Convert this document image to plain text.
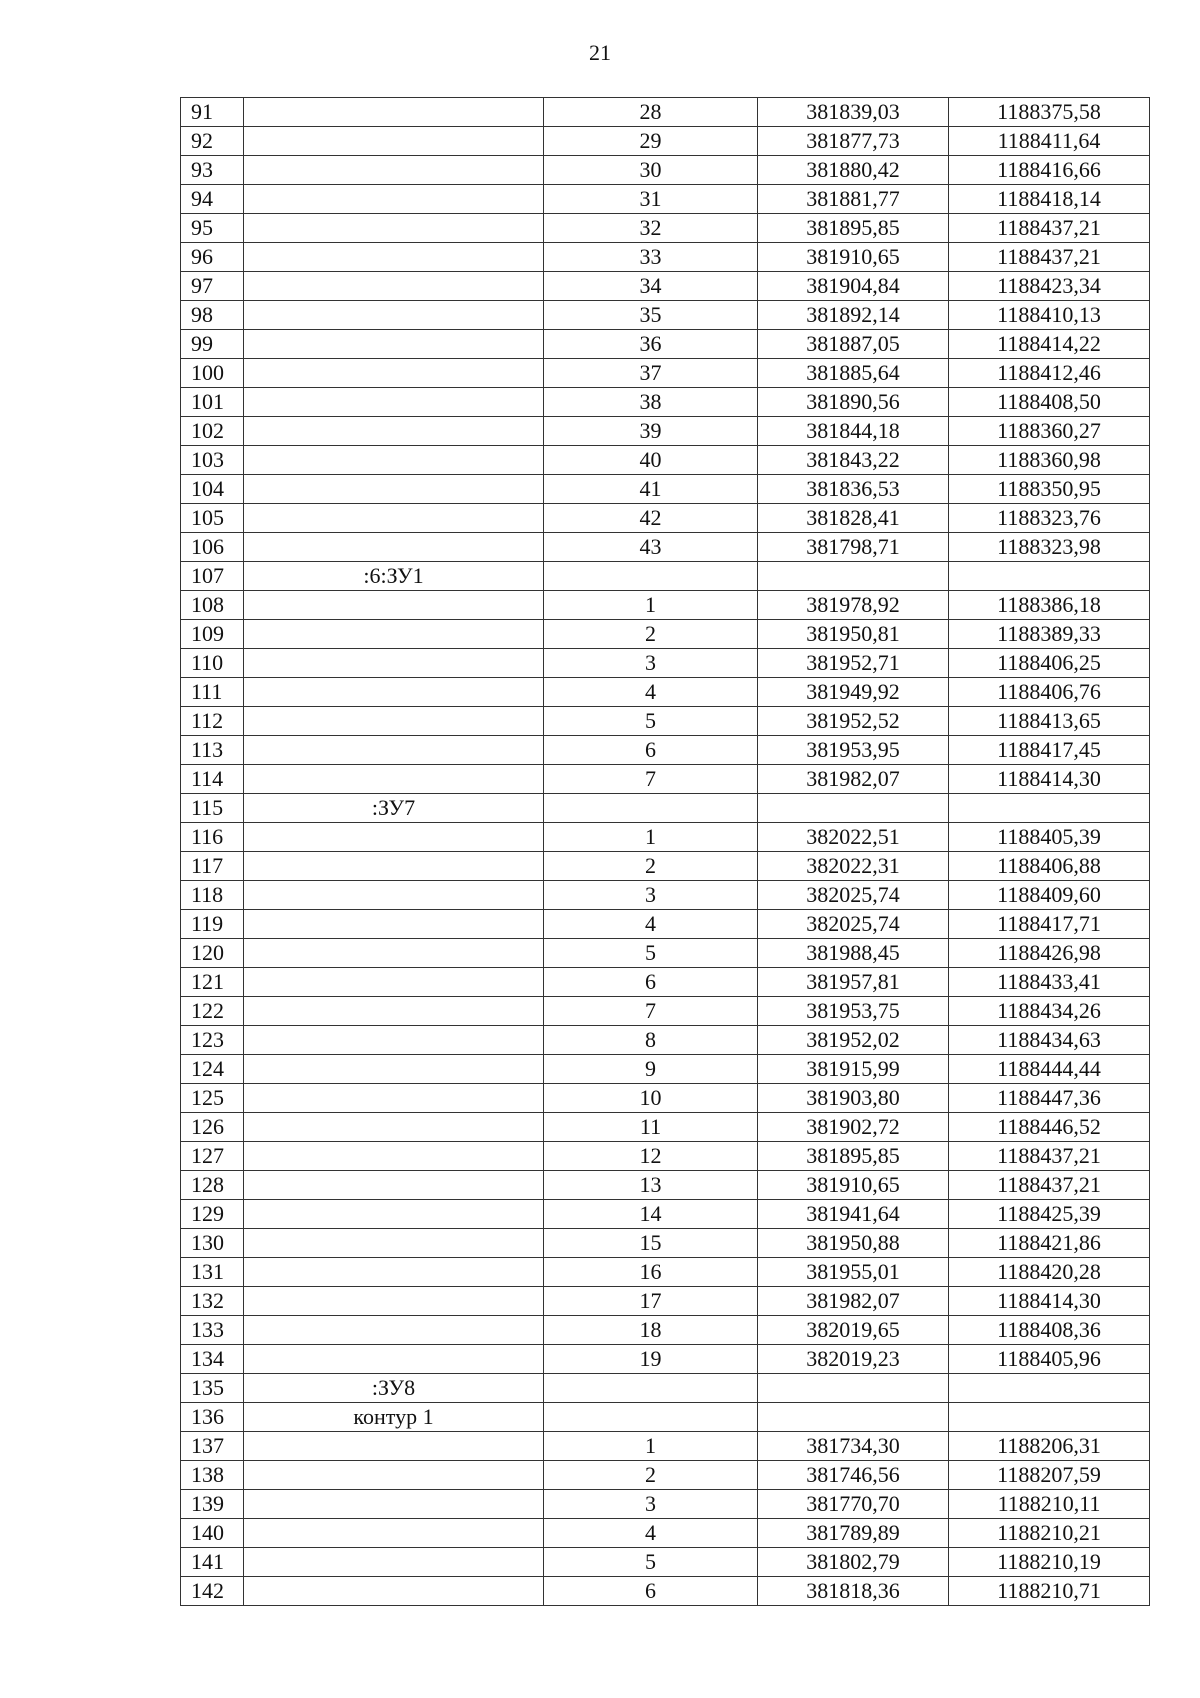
21
91		28	381839,03	1188375,58
92		29	381877,73	1188411,64
93		30	381880,42	1188416,66
94		31	381881,77	1188418,14
95		32	381895,85	1188437,21
96		33	381910,65	1188437,21
97		34	381904,84	1188423,34
98		35	381892,14	1188410,13
99		36	381887,05	1188414,22
100		37	381885,64	1188412,46
101		38	381890,56	1188408,50
102		39	381844,18	1188360,27
103		40	381843,22	1188360,98
104		41	381836,53	1188350,95
105		42	381828,41	1188323,76
106		43	381798,71	1188323,98
107	:6:ЗУ1			
108		1	381978,92	1188386,18
109		2	381950,81	1188389,33
110		3	381952,71	1188406,25
111		4	381949,92	1188406,76
112		5	381952,52	1188413,65
113		6	381953,95	1188417,45
114		7	381982,07	1188414,30
115	:ЗУ7			
116		1	382022,51	1188405,39
117		2	382022,31	1188406,88
118		3	382025,74	1188409,60
119		4	382025,74	1188417,71
120		5	381988,45	1188426,98
121		6	381957,81	1188433,41
122		7	381953,75	1188434,26
123		8	381952,02	1188434,63
124		9	381915,99	1188444,44
125		10	381903,80	1188447,36
126		11	381902,72	1188446,52
127		12	381895,85	1188437,21
128		13	381910,65	1188437,21
129		14	381941,64	1188425,39
130		15	381950,88	1188421,86
131		16	381955,01	1188420,28
132		17	381982,07	1188414,30
133		18	382019,65	1188408,36
134		19	382019,23	1188405,96
135	:ЗУ8			
136	контур 1			
137		1	381734,30	1188206,31
138		2	381746,56	1188207,59
139		3	381770,70	1188210,11
140		4	381789,89	1188210,21
141		5	381802,79	1188210,19
142		6	381818,36	1188210,71
